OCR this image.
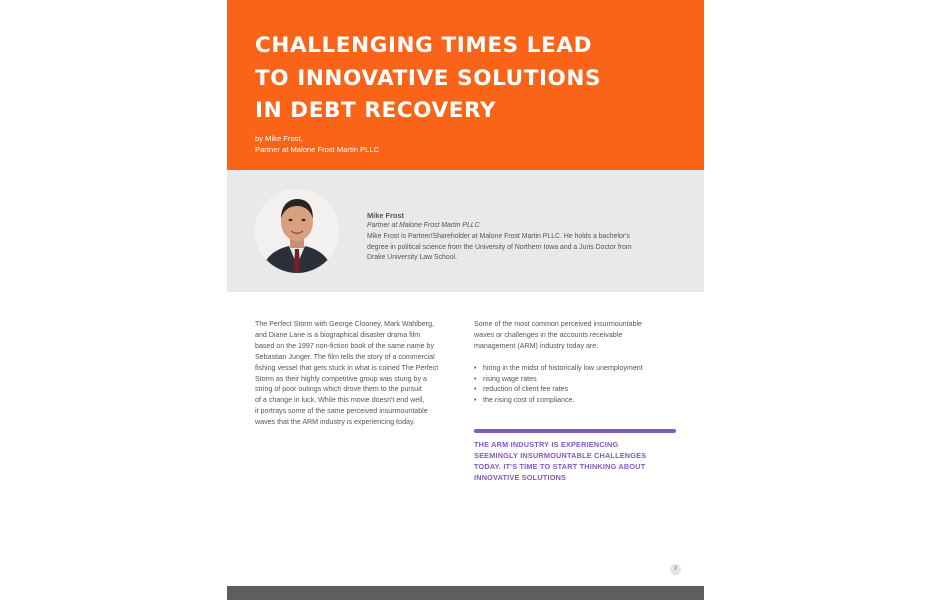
CHALLENGING TIMES LEAD
TO INNOVATIVE SOLUTIONS
IN DEBT RECOVERY
by Mike Frost,
Partner at Malone Frost Martin PLLC
Mike Frost
Partner at Malone Frost Martin PLLC
Mike Frost is Partner/Shareholder at Malone Frost Martin PLLC. He holds a bachelor's
degree in political science from the University of Northern Iowa and a Juris Doctor from
Drake University Law School.
The Perfect Storm with George Clooney, Mark Wahlberg,
and Diane Lane is a biographical disaster drama film
based on the 1997 non-fiction book of the same name by
Sebastian Junger. The film tells the story of a commercial
fishing vessel that gets stuck in what is coined The Perfect
Storm as their highly competitive group was stung by a
string of poor outings which drove them to the pursuit
of a change in luck. While this movie doesn't end well,
it portrays some of the same perceived insurmountable
waves that the ARM industry is experiencing today.
Some of the most common perceived insurmountable
waves or challenges in the accounts receivable
management (ARM) industry today are:
• hiring in the midst of historically low unemployment
• rising wage rates
• reduction of client fee rates
• the rising cost of compliance.
THE ARM INDUSTRY IS EXPERIENCING
SEEMINGLY INSURMOUNTABLE CHALLENGES
TODAY. IT'S TIME TO START THINKING ABOUT
INNOVATIVE SOLUTIONS
2
